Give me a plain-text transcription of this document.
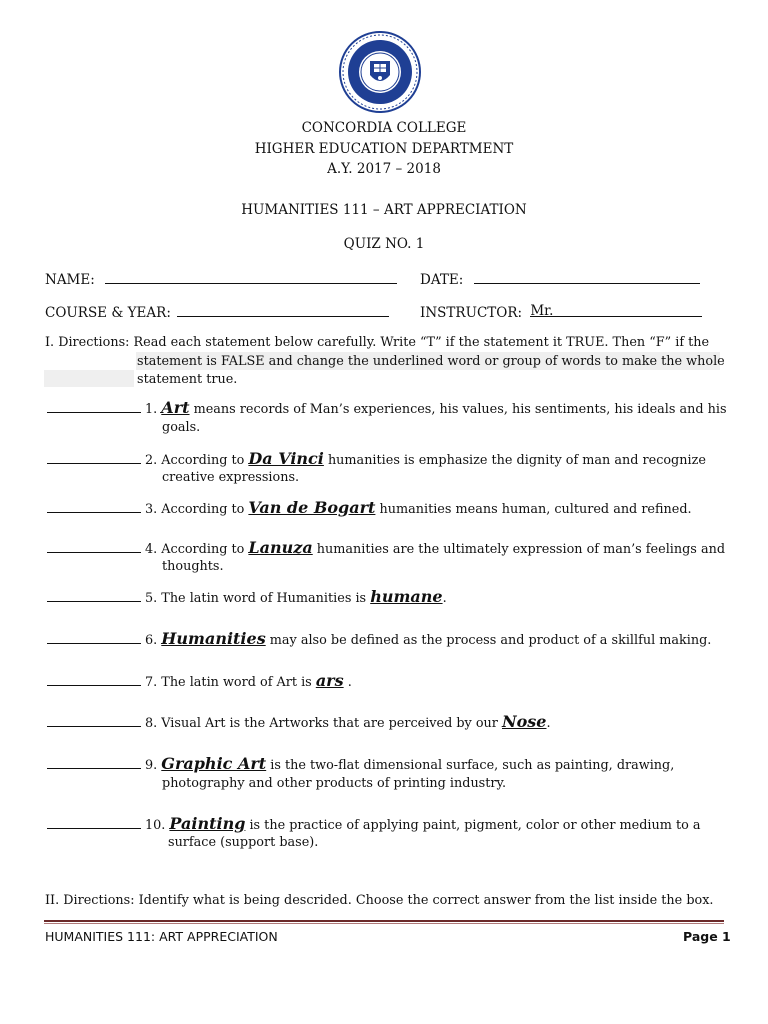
CONCORDIA COLLEGE
HIGHER EDUCATION DEPARTMENT
A.Y. 2017 – 2018
HUMANITIES 111 – ART APPRECIATION
QUIZ NO. 1
NAME:	DATE:
COURSE & YEAR:	INSTRUCTOR: Mr.
I. Directions: Read each statement below carefully. Write “T” if the statement it TRUE. Then “F” if the
statement is FALSE and change the underlined word or group of words to make the whole
statement true.
1. Art means records of Man’s experiences, his values, his sentiments, his ideals and his
goals.
2. According to Da Vinci humanities is emphasize the dignity of man and recognize
creative expressions.
3. According to Van de Bogart humanities means human, cultured and refined.
4. According to Lanuza humanities are the ultimately expression of man’s feelings and
thoughts.
5. The latin word of Humanities is humane.
6. Humanities may also be defined as the process and product of a skillful making.
7. The latin word of Art is ars .
8. Visual Art is the Artworks that are perceived by our Nose.
9. Graphic Art is the two-flat dimensional surface, such as painting, drawing,
photography and other products of printing industry.
10. Painting is the practice of applying paint, pigment, color or other medium to a
surface (support base).
II. Directions: Identify what is being descrided. Choose the correct answer from the list inside the box.
HUMANITIES 111: ART APPRECIATION	Page 1
